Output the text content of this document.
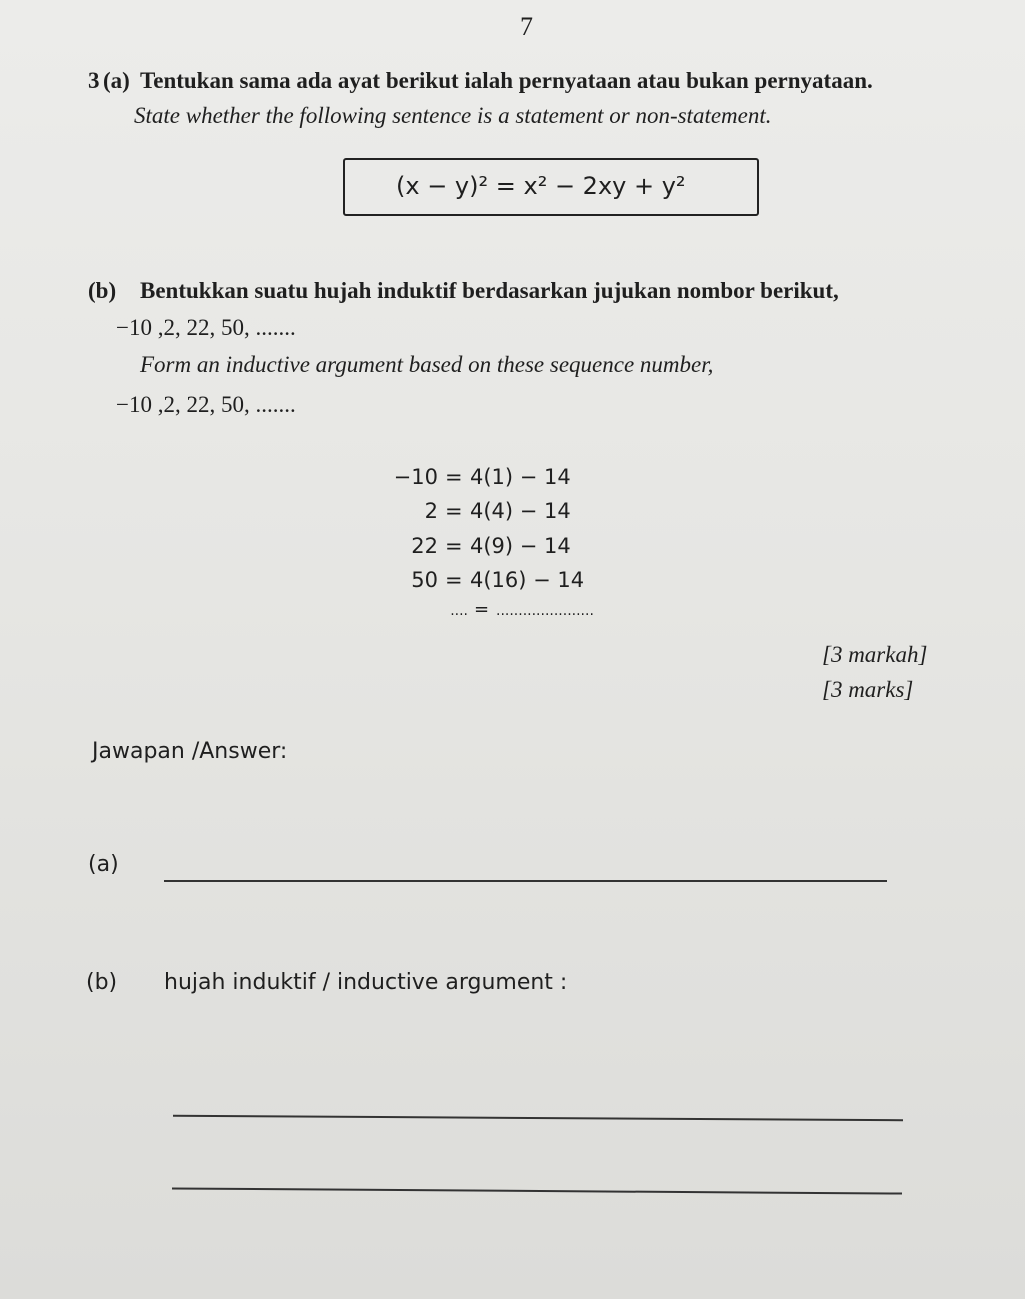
7
3 (a) Tentukan sama ada ayat berikut ialah pernyataan atau bukan pernyataan.
State whether the following sentence is a statement or non-statement.
(x − y)² = x² − 2xy + y²
(b) Bentukkan suatu hujah induktif berdasarkan jujukan nombor berikut,
−10 ,2, 22, 50, .......
Form an inductive argument based on these sequence number,
−10 ,2, 22, 50, .......
−10 = 4(1) − 14
2 = 4(4) − 14
22 = 4(9) − 14
50 = 4(16) − 14
.... = ......................
[3 markah]
[3 marks]
Jawapan /Answer:
(a)
(b) hujah induktif / inductive argument :
